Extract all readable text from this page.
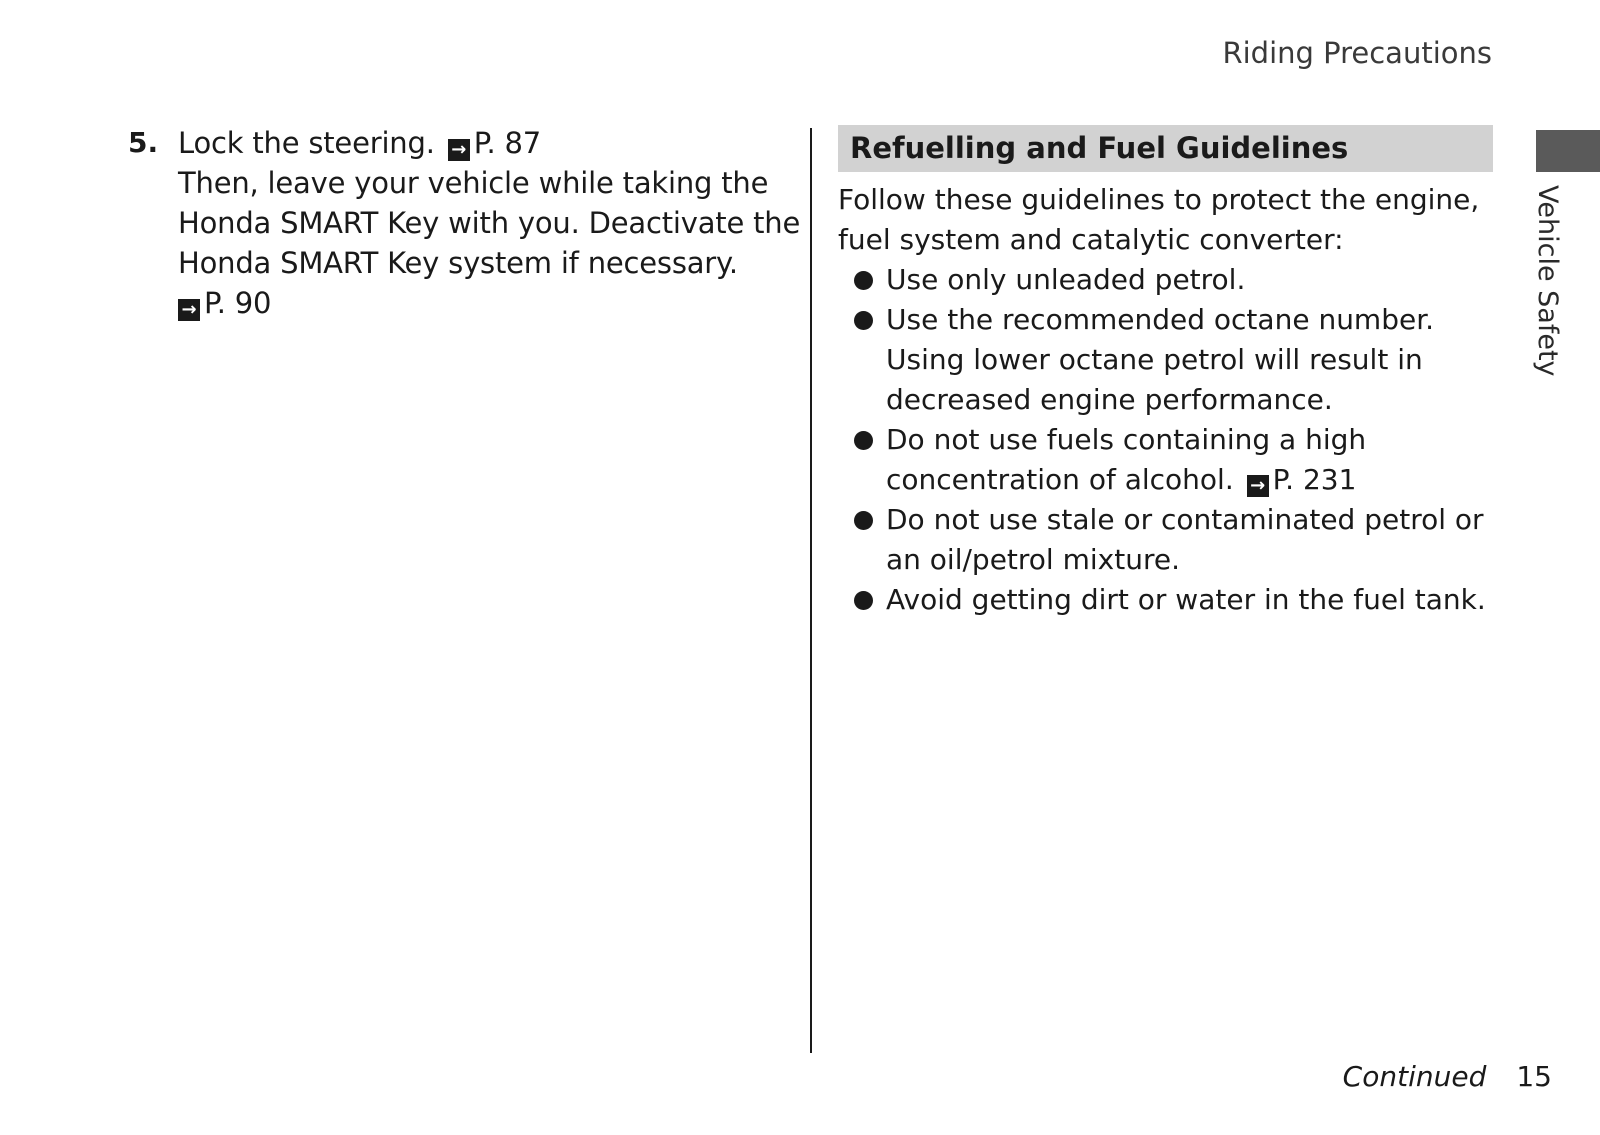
Riding Precautions
5. Lock the steering. → P. 87
Then, leave your vehicle while taking the
Honda SMART Key with you. Deactivate the
Honda SMART Key system if necessary.
→ P. 90
Refuelling and Fuel Guidelines
Follow these guidelines to protect the engine,
fuel system and catalytic converter:
Use only unleaded petrol.
Use the recommended octane number.
Using lower octane petrol will result in
decreased engine performance.
Do not use fuels containing a high
concentration of alcohol. → P. 231
Do not use stale or contaminated petrol or
an oil/petrol mixture.
Avoid getting dirt or water in the fuel tank.
Vehicle Safety
Continued 15
